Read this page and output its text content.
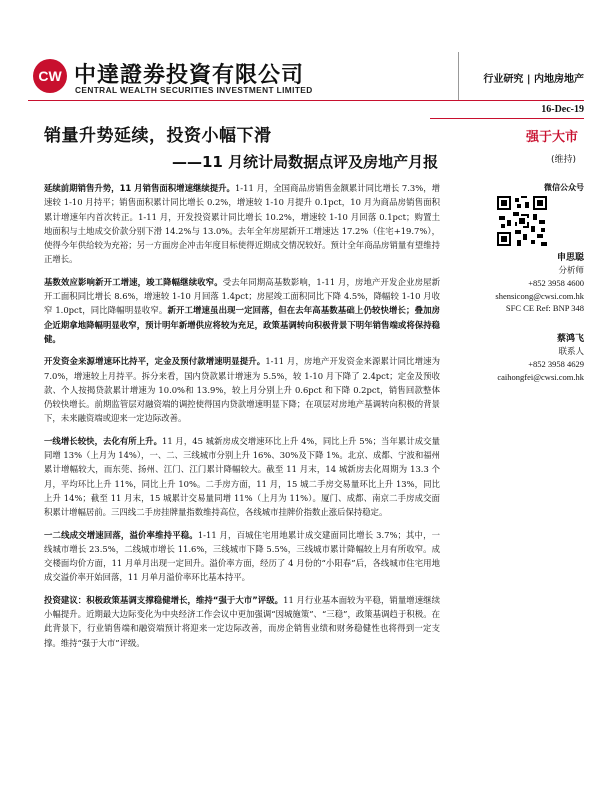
CW 中達證劵投資有限公司
CENTRAL WEALTH SECURITIES INVESTMENT LIMITED
行业研究 | 内地房地产
16-Dec-19
销量升势延续，投资小幅下滑
——11 月统计局数据点评及房地产月报
强于大市
(维持)

延续前期销售升势，11 月销售面积增速继续提升。1-11 月，全国商品房销售金额累计同比增长 7.3%，增速较 1-10 月持平；销售面积累计同比增长 0.2%，增速较 1-10 月提升 0.1pct，10 月为商品房销售面积累计增速年内首次转正。1-11 月，开发投资累计同比增长 10.2%，增速较 1-10 月回落 0.1pct；购置土地面积与土地成交价款分别下滑 14.2%与 13.0%。去年全年房屋新开工增速达 17.2%（住宅+19.7%），使得今年供给较为充裕；另一方面房企冲击年度目标使得近期成交情况较好。预计全年商品房销量有望维持正增长。

基数效应影响新开工增速，竣工降幅继续收窄。受去年同期高基数影响，1-11 月，房地产开发企业房屋新开工面积同比增长 8.6%，增速较 1-10 月回落 1.4pct；房屋竣工面积同比下降 4.5%，降幅较 1-10 月收窄 1.0pct，同比降幅明显收窄。新开工增速虽出现一定回落，但在去年高基数基础上仍较快增长；叠加房企近期拿地降幅明显收窄，预计明年新增供应将较为充足，政策基调转向积极背景下明年销售端或将保持稳健。

开发资金来源增速环比持平，定金及预付款增速明显提升。1-11 月，房地产开发资金来源累计同比增速为 7.0%，增速较上月持平。拆分来看，国内贷款累计增速为 5.5%，较 1-10 月下降了 2.4pct；定金及预收款、个人按揭贷款累计增速为 10.0%和 13.9%，较上月分别上升 0.6pct 和下降 0.2pct，销售回款整体仍较快增长。前期监管层对融资端的调控使得国内贷款增速明显下降；在项层对房地产基调转向积极的背景下，未来融资端或迎来一定边际改善。

一线增长较快，去化有所上升。11 月，45 城新房成交增速环比上升 4%，同比上升 5%；当年累计成交量同增 13%（上月为 14%），一、二、三线城市分别上升 16%、30%及下降 1%。北京、成都、宁波和福州累计增幅较大，而东莞、扬州、江门、江门累计降幅较大。截至 11 月末，14 城新房去化周期为 13.3 个月，平均环比上升 11%，同比上升 10%。二手房方面，11 月，15 城二手房交易量环比上升 13%，同比上升 14%；截至 11 月末，15 城累计交易量同增 11%（上月为 11%）。厦门、成都、南京二手房成交面积累计增幅居前。三四线二手房挂牌量指数维持高位，各线城市挂牌价指数止涨后保持稳定。

一二线成交增速回落，溢价率维持平稳。1-11 月，百城住宅用地累计成交建面同比增长 3.7%；其中，一线城市增长 23.5%，二线城市增长 11.6%，三线城市下降 5.5%，三线城市累计降幅较上月有所收窄。成交楼面均价方面，11 月单月出现一定回升。溢价率方面，经历了 4 月份的“小阳春”后，各线城市住宅用地成交溢价率开始回落，11 月单月溢价率环比基本持平。

投资建议：积极政策基调支撑稳健增长，维持“强于大市”评级。11 月行业基本面较为平稳，销量增速继续小幅提升。近期最大边际变化为中央经济工作会议中更加强调“因城施策”、“三稳”，政策基调趋于积极。在此背景下，行业销售端和融资端预计将迎来一定边际改善，而房企销售业绩和财务稳健性也将得到一定支撑。维持“强于大市”评级。

微信公众号
申思聪
分析师
+852 3958 4600
shensicong@cwsi.com.hk
SFC CE Ref: BNP 348
蔡鸿飞
联系人
+852 3958 4629
caihongfei@cwsi.com.hk
